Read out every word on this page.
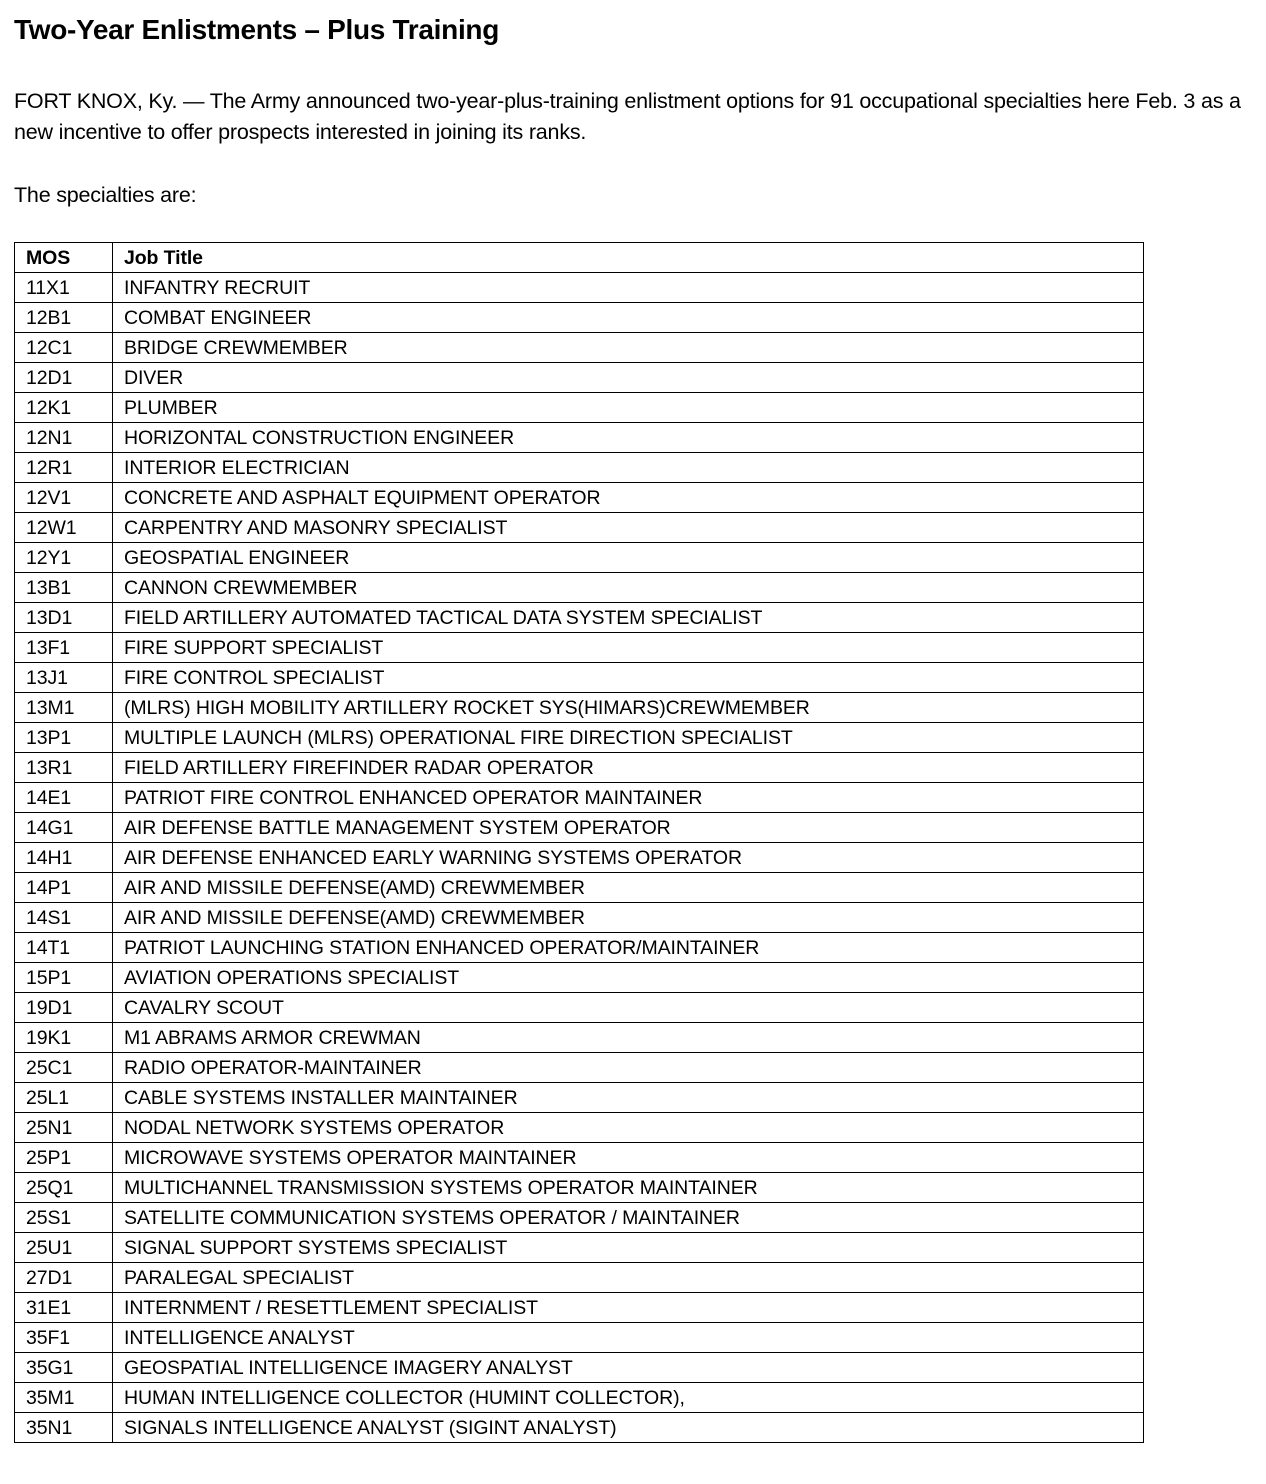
Two-Year Enlistments – Plus Training

FORT KNOX, Ky. — The Army announced two-year-plus-training enlistment options for 91 occupational specialties here Feb. 3 as a new incentive to offer prospects interested in joining its ranks.

The specialties are:

MOS	Job Title
11X1	INFANTRY RECRUIT
12B1	COMBAT ENGINEER
12C1	BRIDGE CREWMEMBER
12D1	DIVER
12K1	PLUMBER
12N1	HORIZONTAL CONSTRUCTION ENGINEER
12R1	INTERIOR ELECTRICIAN
12V1	CONCRETE AND ASPHALT EQUIPMENT OPERATOR
12W1	CARPENTRY AND MASONRY SPECIALIST
12Y1	GEOSPATIAL ENGINEER
13B1	CANNON CREWMEMBER
13D1	FIELD ARTILLERY AUTOMATED TACTICAL DATA SYSTEM SPECIALIST
13F1	FIRE SUPPORT SPECIALIST
13J1	FIRE CONTROL SPECIALIST
13M1	(MLRS) HIGH MOBILITY ARTILLERY ROCKET SYS(HIMARS)CREWMEMBER
13P1	MULTIPLE LAUNCH (MLRS) OPERATIONAL FIRE DIRECTION SPECIALIST
13R1	FIELD ARTILLERY FIREFINDER RADAR OPERATOR
14E1	PATRIOT FIRE CONTROL ENHANCED OPERATOR MAINTAINER
14G1	AIR DEFENSE BATTLE MANAGEMENT SYSTEM OPERATOR
14H1	AIR DEFENSE ENHANCED EARLY WARNING SYSTEMS OPERATOR
14P1	AIR AND MISSILE DEFENSE(AMD) CREWMEMBER
14S1	AIR AND MISSILE DEFENSE(AMD) CREWMEMBER
14T1	PATRIOT LAUNCHING STATION ENHANCED OPERATOR/MAINTAINER
15P1	AVIATION OPERATIONS SPECIALIST
19D1	CAVALRY SCOUT
19K1	M1 ABRAMS ARMOR CREWMAN
25C1	RADIO OPERATOR-MAINTAINER
25L1	CABLE SYSTEMS INSTALLER MAINTAINER
25N1	NODAL NETWORK SYSTEMS OPERATOR
25P1	MICROWAVE SYSTEMS OPERATOR MAINTAINER
25Q1	MULTICHANNEL TRANSMISSION SYSTEMS OPERATOR MAINTAINER
25S1	SATELLITE COMMUNICATION SYSTEMS OPERATOR / MAINTAINER
25U1	SIGNAL SUPPORT SYSTEMS SPECIALIST
27D1	PARALEGAL SPECIALIST
31E1	INTERNMENT / RESETTLEMENT SPECIALIST
35F1	INTELLIGENCE ANALYST
35G1	GEOSPATIAL INTELLIGENCE IMAGERY ANALYST
35M1	HUMAN INTELLIGENCE COLLECTOR (HUMINT COLLECTOR),
35N1	SIGNALS INTELLIGENCE ANALYST (SIGINT ANALYST)
